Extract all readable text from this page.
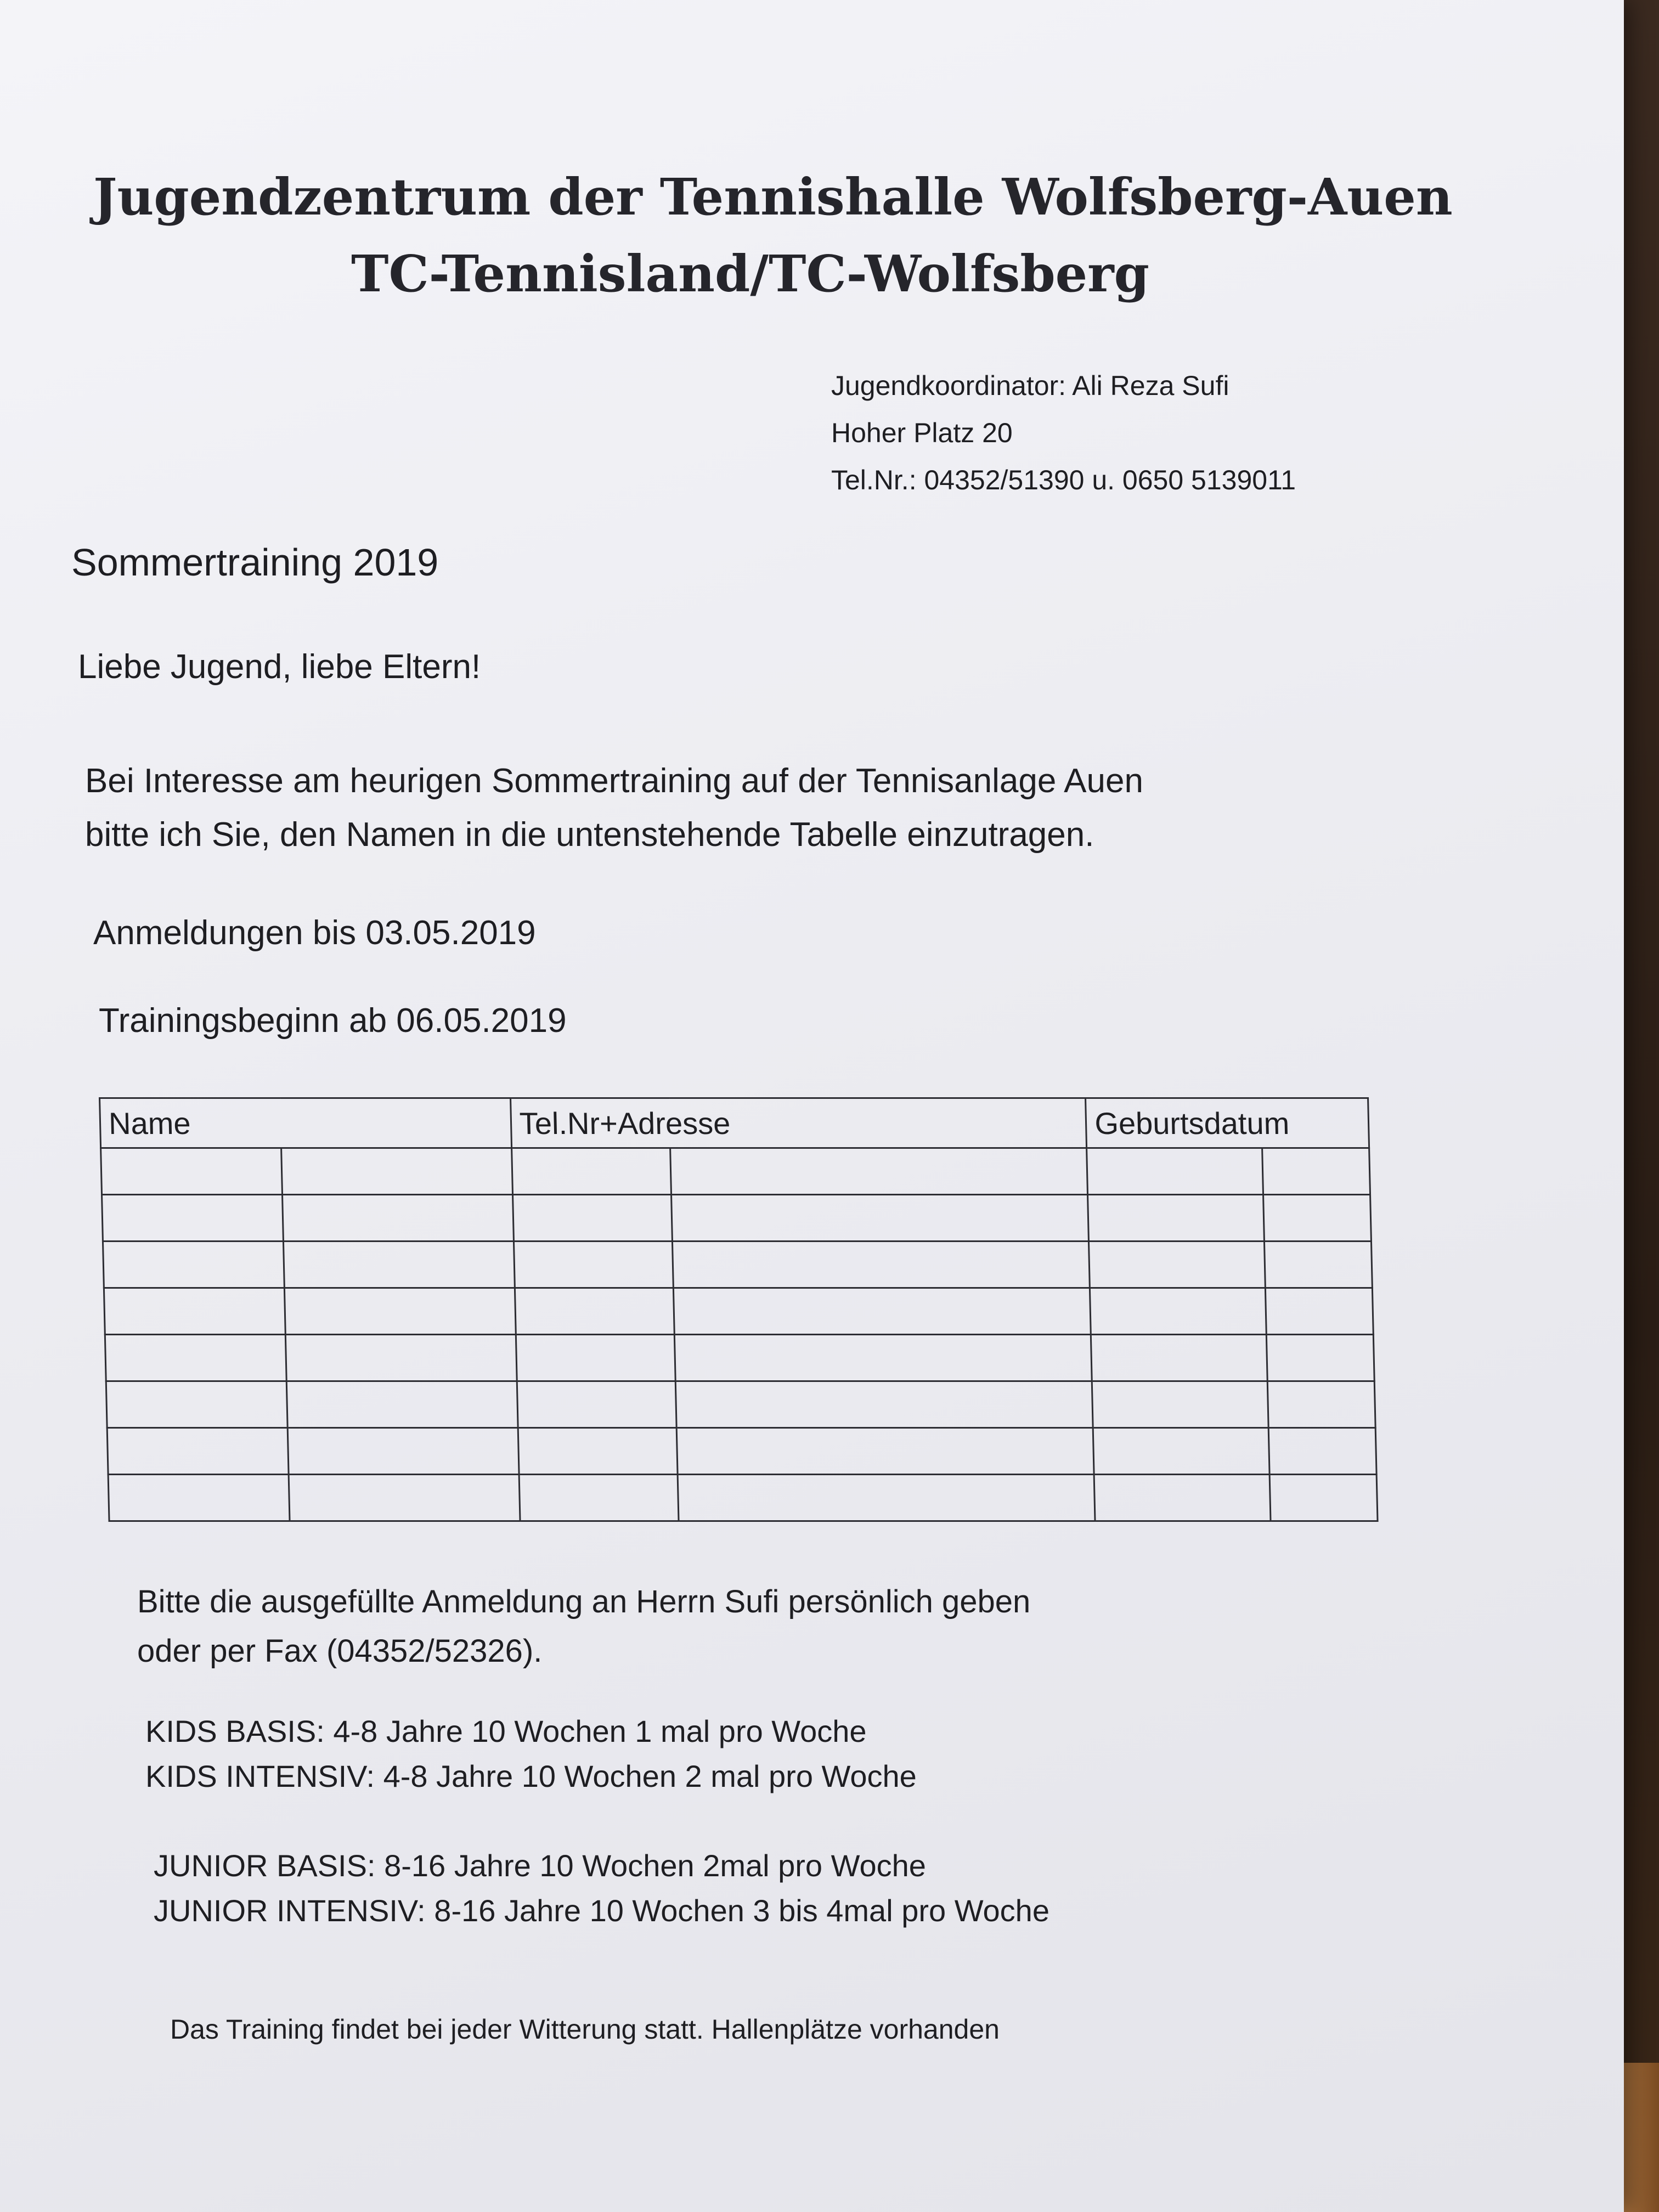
Jugendzentrum der Tennishalle Wolfsberg-Auen
TC-Tennisland/TC-Wolfsberg
Jugendkoordinator: Ali Reza Sufi
Hoher Platz 20
Tel.Nr.: 04352/51390 u. 0650 5139011
Sommertraining 2019
Liebe Jugend, liebe Eltern!
Bei Interesse am heurigen Sommertraining auf der Tennisanlage Auen
bitte ich Sie, den Namen in die untenstehende Tabelle einzutragen.
Anmeldungen bis 03.05.2019
Trainingsbeginn ab 06.05.2019
Name		Tel.Nr+Adresse		Geburtsdatum	

Bitte die ausgefüllte Anmeldung an Herrn Sufi persönlich geben
oder per Fax (04352/52326).
KIDS BASIS: 4-8 Jahre 10 Wochen 1 mal pro Woche
KIDS INTENSIV: 4-8 Jahre 10 Wochen 2 mal pro Woche
JUNIOR BASIS: 8-16 Jahre 10 Wochen 2mal pro Woche
JUNIOR INTENSIV: 8-16 Jahre 10 Wochen 3 bis 4mal pro Woche
Das Training findet bei jeder Witterung statt. Hallenplätze vorhanden
